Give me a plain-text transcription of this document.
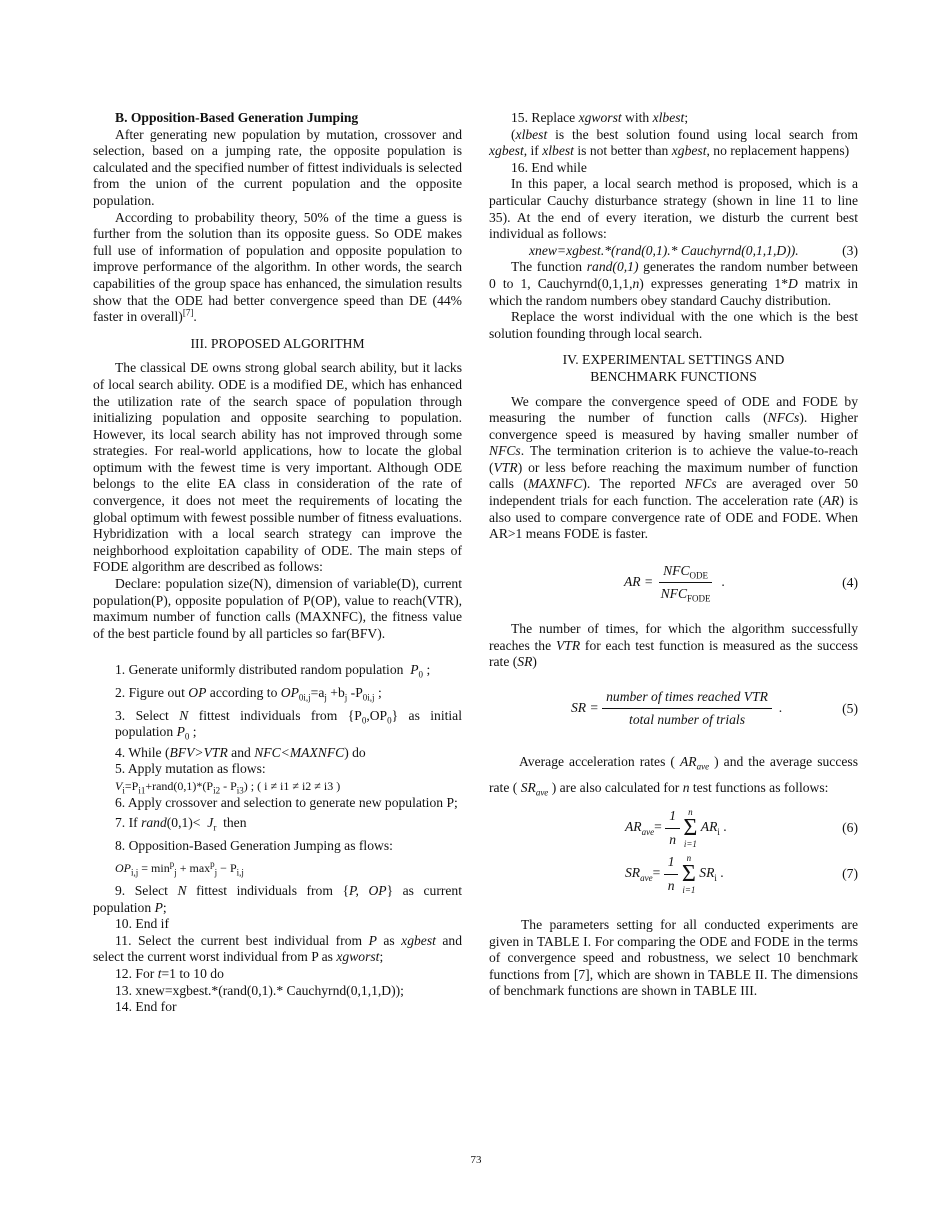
B. Opposition-Based Generation Jumping

After generating new population by mutation, crossover and selection, based on a jumping rate, the opposite population is calculated and the specified number of fittest individuals is selected from the union of the current population and the opposite population.

According to probability theory, 50% of the time a guess is further from the solution than its opposite guess. So ODE makes full use of information of population and opposite population to improve performance of the algorithm. In other words, the search capabilities of the group space has enhanced, the simulation results show that the ODE had better convergence speed than DE (44% faster in overall)[7].

III. PROPOSED ALGORITHM

The classical DE owns strong global search ability, but it lacks of local search ability. ODE is a modified DE, which has enhanced the utilization rate of the search space of population through initializing population and opposite searching to population. However, its local search ability has not improved through some strategies. For real-world applications, how to locate the global optimum with the fewest time is very important. Although ODE belongs to the elite EA class in consideration of the rate of convergence, it does not meet the requirements of locating the global optimum with fewest possible number of fitness evaluations. Hybridization with a local search strategy can improve the neighborhood exploitation capability of ODE. The main steps of FODE algorithm are described as follows:

Declare: population size(N), dimension of variable(D), current population(P), opposite population of P(OP), value to reach(VTR), maximum number of function calls (MAXNFC), the fitness value of the best particle found by all particles so far(BFV).

1. Generate uniformly distributed random population $P_0$ ;

2. Figure out OP according to $OP_{0i,j}=a_j +b_j$ $-P_{0i,j}$ ;

3. Select N fittest individuals from $\{P_0,OP_0\}$ as initial population $P_0$ ;

4. While (BFV>VTR and NFC<MAXNFC) do

5. Apply mutation as flows:

$V_i=P_{i1}+rand(0,1)*(P_{i2} - P_{i3})$ ; ( i ≠ i1 ≠ i2 ≠ i3 )

6. Apply crossover and selection to generate new population P;

7. If rand(0,1)< $J_r$ then

8. Opposition-Based Generation Jumping as flows:

$OP_{i,j} = \min^p_j + \max^p_j - P_{i,j}$

9. Select N fittest individuals from {P, OP} as current population P;

10. End if

11. Select the current best individual from P as xgbest and select the current worst individual from P as xgworst;

12. For t=1 to 10 do

13. xnew=xgbest.*(rand(0,1).* Cauchyrnd(0,1,1,D));

14. End for

15. Replace xgworst with xlbest;

(xlbest is the best solution found using local search from xgbest, if xlbest is not better than xgbest, no replacement happens)

16. End while

In this paper, a local search method is proposed, which is a particular Cauchy disturbance strategy (shown in line 11 to line 35). At the end of every iteration, we disturb the current best individual as follows:

xnew=xgbest.*(rand(0,1).* Cauchyrnd(0,1,1,D)).	(3)

The function rand(0,1) generates the random number between 0 to 1, Cauchyrnd(0,1,1,n) expresses generating 1*D matrix in which the random numbers obey standard Cauchy distribution.

Replace the worst individual with the one which is the best solution founding through local search.

IV. EXPERIMENTAL SETTINGS AND

BENCHMARK FUNCTIONS

We compare the convergence speed of ODE and FODE by measuring the number of function calls (NFCs). Higher convergence speed is measured by having smaller number of NFCs. The termination criterion is to achieve the value-to-reach (VTR) or less before reaching the maximum number of function calls (MAXNFC). The reported NFCs are averaged over 50 independent trials for each function. The acceleration rate (AR) is also used to compare convergence rate of ODE and FODE. When AR>1 means FODE is faster.

AR = $\frac{NFC_{ODE}}{NFC_{FODE}}$ .	(4)

The number of times, for which the algorithm successfully reaches the VTR for each test function is measured as the success rate (SR)

SR = $\frac{\text{number of times reached VTR}}{\text{total number of trials}}$ .	(5)

Average acceleration rates ( $AR_{ave}$ ) and the average success rate ( $SR_{ave}$ ) are also calculated for n test functions as follows:

$AR_{ave}= \frac{1}{n}$
n
Σ
i=1
$AR_i$ .	(6)
$SR_{ave}= \frac{1}{n}$
n
Σ
i=1
$SR_i$ .	(7)

The parameters setting for all conducted experiments are given in TABLE I. For comparing the ODE and FODE in the terms of convergence speed and robustness, we select 10 benchmark functions from [7], which are shown in TABLE II. The dimensions of benchmark functions are shown in TABLE III.

73
